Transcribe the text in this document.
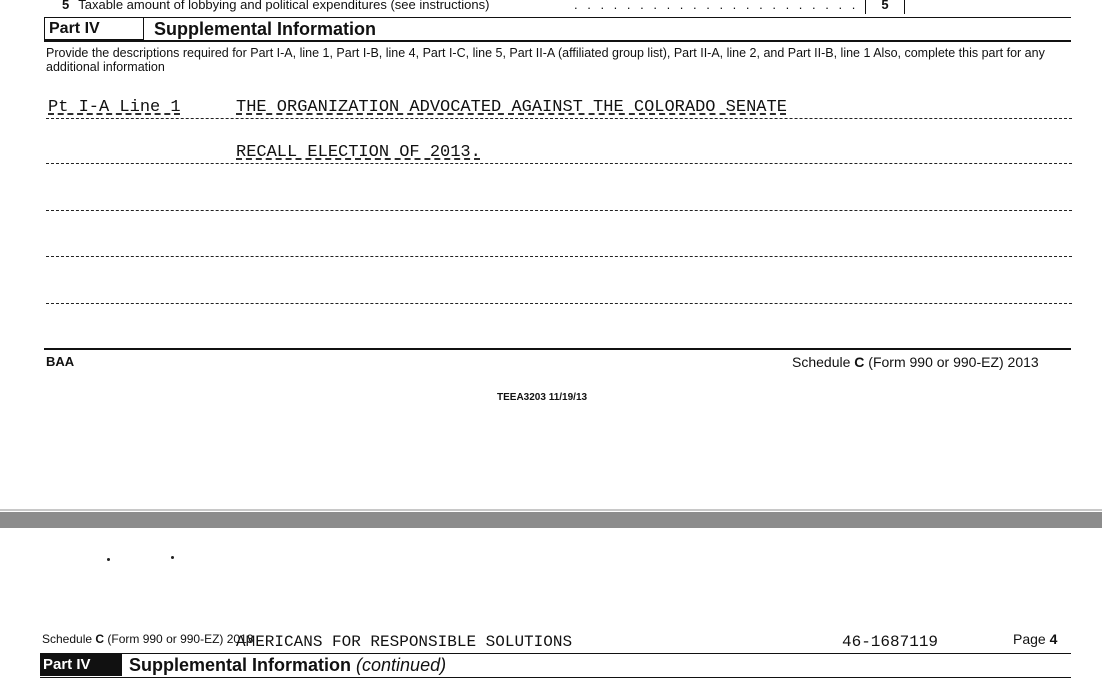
5 Taxable amount of lobbying and political expenditures (see instructions)	. . . . . . . . . . . . . . . . . . . . . .	5
Part IV	Supplemental Information
Provide the descriptions required for Part I-A, line 1, Part I-B, line 4, Part I-C, line 5, Part II-A (affiliated group list), Part II-A, line 2, and Part II-B, line 1 Also, complete this part for any additional information
Pt I-A Line 1	THE ORGANIZATION ADVOCATED AGAINST THE COLORADO SENATE
RECALL ELECTION OF 2013.
BAA	Schedule C (Form 990 or 990-EZ) 2013
TEEA3203 11/19/13
Schedule C (Form 990 or 990-EZ) 2013
AMERICANS FOR RESPONSIBLE SOLUTIONS	46-1687119	Page 4
Part IV	Supplemental Information (continued)
